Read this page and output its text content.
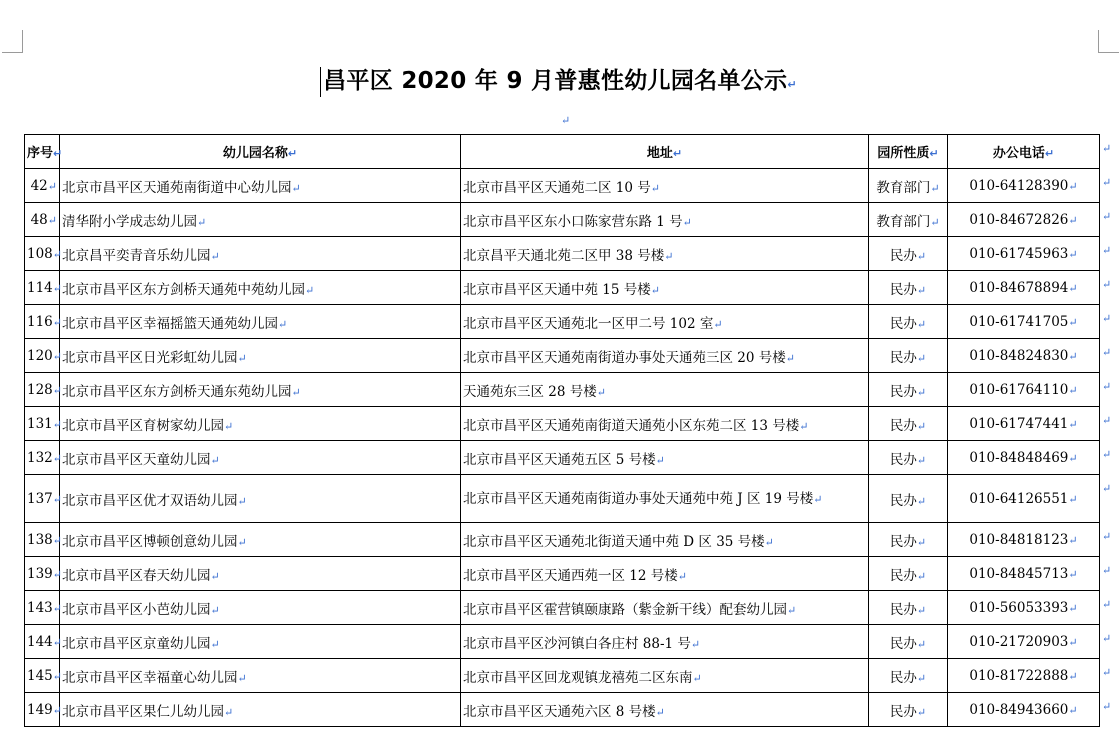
昌平区 2020 年 9 月普惠性幼儿园名单公示↵
↵
序号↵	幼儿园名称↵	地址↵	园所性质↵	办公电话↵
42↵	北京市昌平区天通苑南街道中心幼儿园↵	北京市昌平区天通苑二区 10 号↵	教育部门↵	010-64128390↵
48↵	清华附小学成志幼儿园↵	北京市昌平区东小口陈家营东路 1 号↵	教育部门↵	010-84672826↵
108↵	北京昌平奕青音乐幼儿园↵	北京昌平天通北苑二区甲 38 号楼↵	民办↵	010-61745963↵
114↵	北京市昌平区东方剑桥天通苑中苑幼儿园↵	北京市昌平区天通中苑 15 号楼↵	民办↵	010-84678894↵
116↵	北京市昌平区幸福摇篮天通苑幼儿园↵	北京市昌平区天通苑北一区甲二号 102 室↵	民办↵	010-61741705↵
120↵	北京市昌平区日光彩虹幼儿园↵	北京市昌平区天通苑南街道办事处天通苑三区 20 号楼↵	民办↵	010-84824830↵
128↵	北京市昌平区东方剑桥天通东苑幼儿园↵	天通苑东三区 28 号楼↵	民办↵	010-61764110↵
131↵	北京市昌平区育树家幼儿园↵	北京市昌平区天通苑南街道天通苑小区东苑二区 13 号楼↵	民办↵	010-61747441↵
132↵	北京市昌平区天童幼儿园↵	北京市昌平区天通苑五区 5 号楼↵	民办↵	010-84848469↵
137↵	北京市昌平区优才双语幼儿园↵	北京市昌平区天通苑南街道办事处天通苑中苑 J 区 19 号楼↵	民办↵	010-64126551↵
138↵	北京市昌平区博顿创意幼儿园↵	北京市昌平区天通苑北街道天通中苑 D 区 35 号楼↵	民办↵	010-84818123↵
139↵	北京市昌平区春天幼儿园↵	北京市昌平区天通西苑一区 12 号楼↵	民办↵	010-84845713↵
143↵	北京市昌平区小芭幼儿园↵	北京市昌平区霍营镇颐康路（紫金新干线）配套幼儿园↵	民办↵	010-56053393↵
144↵	北京市昌平区京童幼儿园↵	北京市昌平区沙河镇白各庄村 88-1 号↵	民办↵	010-21720903↵
145↵	北京市昌平区幸福童心幼儿园↵	北京市昌平区回龙观镇龙禧苑二区东南↵	民办↵	010-81722888↵
149↵	北京市昌平区果仁儿幼儿园↵	北京市昌平区天通苑六区 8 号楼↵	民办↵	010-84943660↵
↵
↵
↵
↵
↵
↵
↵
↵
↵
↵
↵
↵
↵
↵
↵
↵
↵
